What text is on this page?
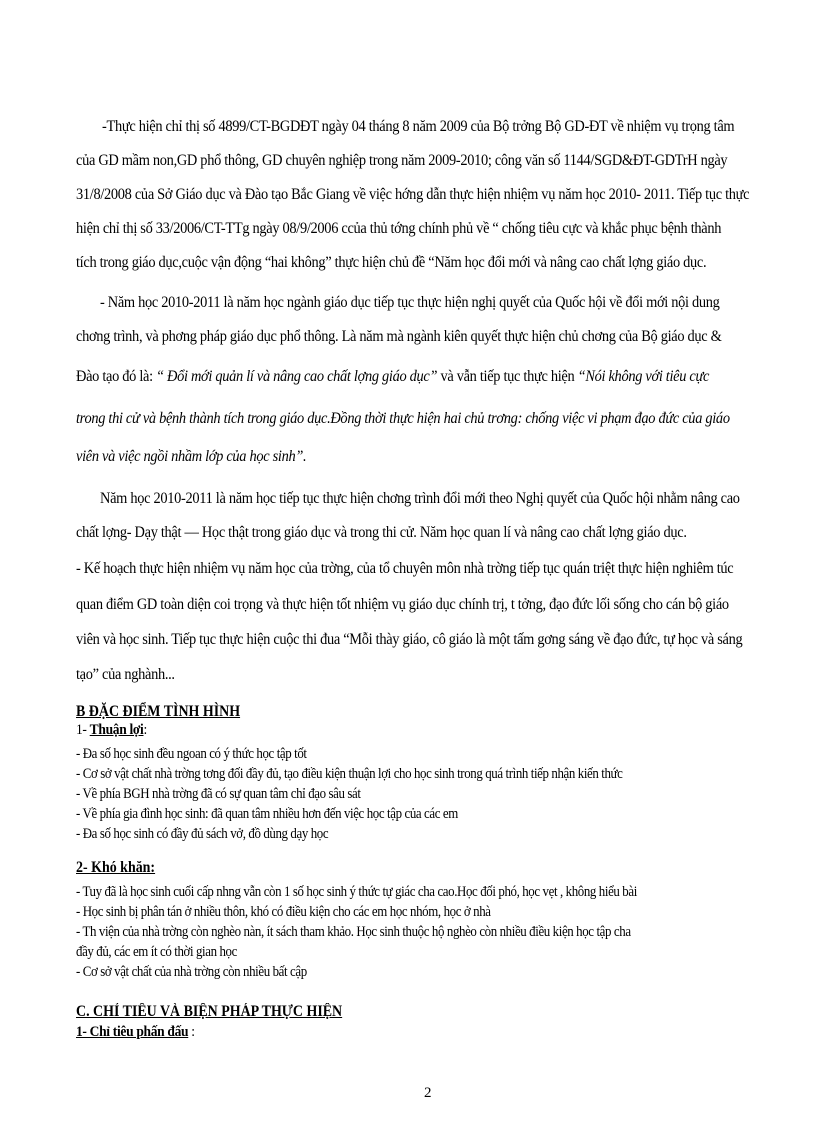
-Thực hiện chỉ thị số 4899/CT-BGDĐT ngày 04 tháng 8 năm 2009 của Bộ trởng Bộ GD-ĐT về nhiệm vụ trọng tâm
của GD mầm non,GD phổ thông, GD chuyên nghiệp trong năm 2009-2010; công văn số 1144/SGD&ĐT-GDTrH ngày
31/8/2008 của Sở Giáo dục và Đào tạo Bắc Giang về việc hớng dẫn thực hiện nhiệm vụ năm học 2010- 2011. Tiếp tục thực
hiện chỉ thị số 33/2006/CT-TTg ngày 08/9/2006 ccủa thủ tớng chính phủ về “ chống tiêu cực và khắc phục bệnh thành
tích trong giáo dục,cuộc vận động “hai không” thực hiện chủ đề “Năm học đổi mới và nâng cao chất lợng giáo dục.
- Năm học 2010-2011 là năm học ngành giáo dục tiếp tục thực hiện nghị quyết của Quốc hội về đổi mới nội dung
chơng trình, và phơng pháp giáo dục phổ thông. Là năm mà ngành kiên quyết thực hiện chủ chơng của Bộ giáo dục &
Đào tạo đó là: “ Đổi mới quản lí và nâng cao chất lợng giáo dục” và vẫn tiếp tục thực hiện “Nói không với tiêu cực
trong thi cử và bệnh thành tích trong giáo dục.Đồng thời thực hiện hai chủ trơng: chống việc vi phạm đạo đức của giáo
viên và việc ngồi nhầm lớp của học sinh”.
Năm học 2010-2011 là năm học tiếp tục thực hiện chơng trình đổi mới theo Nghị quyết của Quốc hội nhằm nâng cao
chất lợng- Dạy thật — Học thật trong giáo dục và trong thi cử. Năm học quan lí và nâng cao chất lợng giáo dục.
- Kế hoạch thực hiện nhiệm vụ năm học của trờng, của tổ chuyên môn nhà trờng tiếp tục quán triệt thực hiện nghiêm túc
quan điểm GD toàn diện coi trọng và thực hiện tốt nhiệm vụ giáo dục chính trị, t tởng, đạo đức lối sống cho cán bộ giáo
viên và học sinh. Tiếp tục thực hiện cuộc thi đua “Mỗi thày giáo, cô giáo là một tấm gơng sáng về đạo đức, tự học và sáng
tạo” của nghành...
B ĐẶC ĐIỂM TÌNH HÌNH
1- Thuận lợi:
- Đa số học sinh đều ngoan có ý thức học tập tốt
- Cơ sở vật chất nhà trờng tơng đối đầy đủ, tạo điều kiện thuận lợi cho học sinh trong quá trình tiếp nhận kiến thức
- Về phía BGH nhà trờng đã có sự quan tâm chỉ đạo sâu sát
- Về phía gia đình học sinh: đã quan tâm nhiều hơn đến việc học tập của các em
- Đa số học sinh có đầy đủ sách vở, đồ dùng dạy học
2- Khó khăn:
- Tuy đã là học sinh cuối cấp nhng vẫn còn 1 số học sinh ý thức tự giác cha cao.Học đối phó, học vẹt , không hiểu bài
- Học sinh bị phân tán ở nhiều thôn, khó có điều kiện cho các em học nhóm, học ở nhà
- Th viện của nhà trờng còn nghèo nàn, ít sách tham khảo. Học sinh thuộc hộ nghèo còn nhiều điều kiện học tập cha
đầy đủ, các em ít có thời gian học
- Cơ sở vật chất của nhà trờng còn nhiều bất cập
C. CHỈ TIÊU VÀ BIỆN PHÁP THỰC HIỆN
1- Chỉ tiêu phấn đấu :
2
